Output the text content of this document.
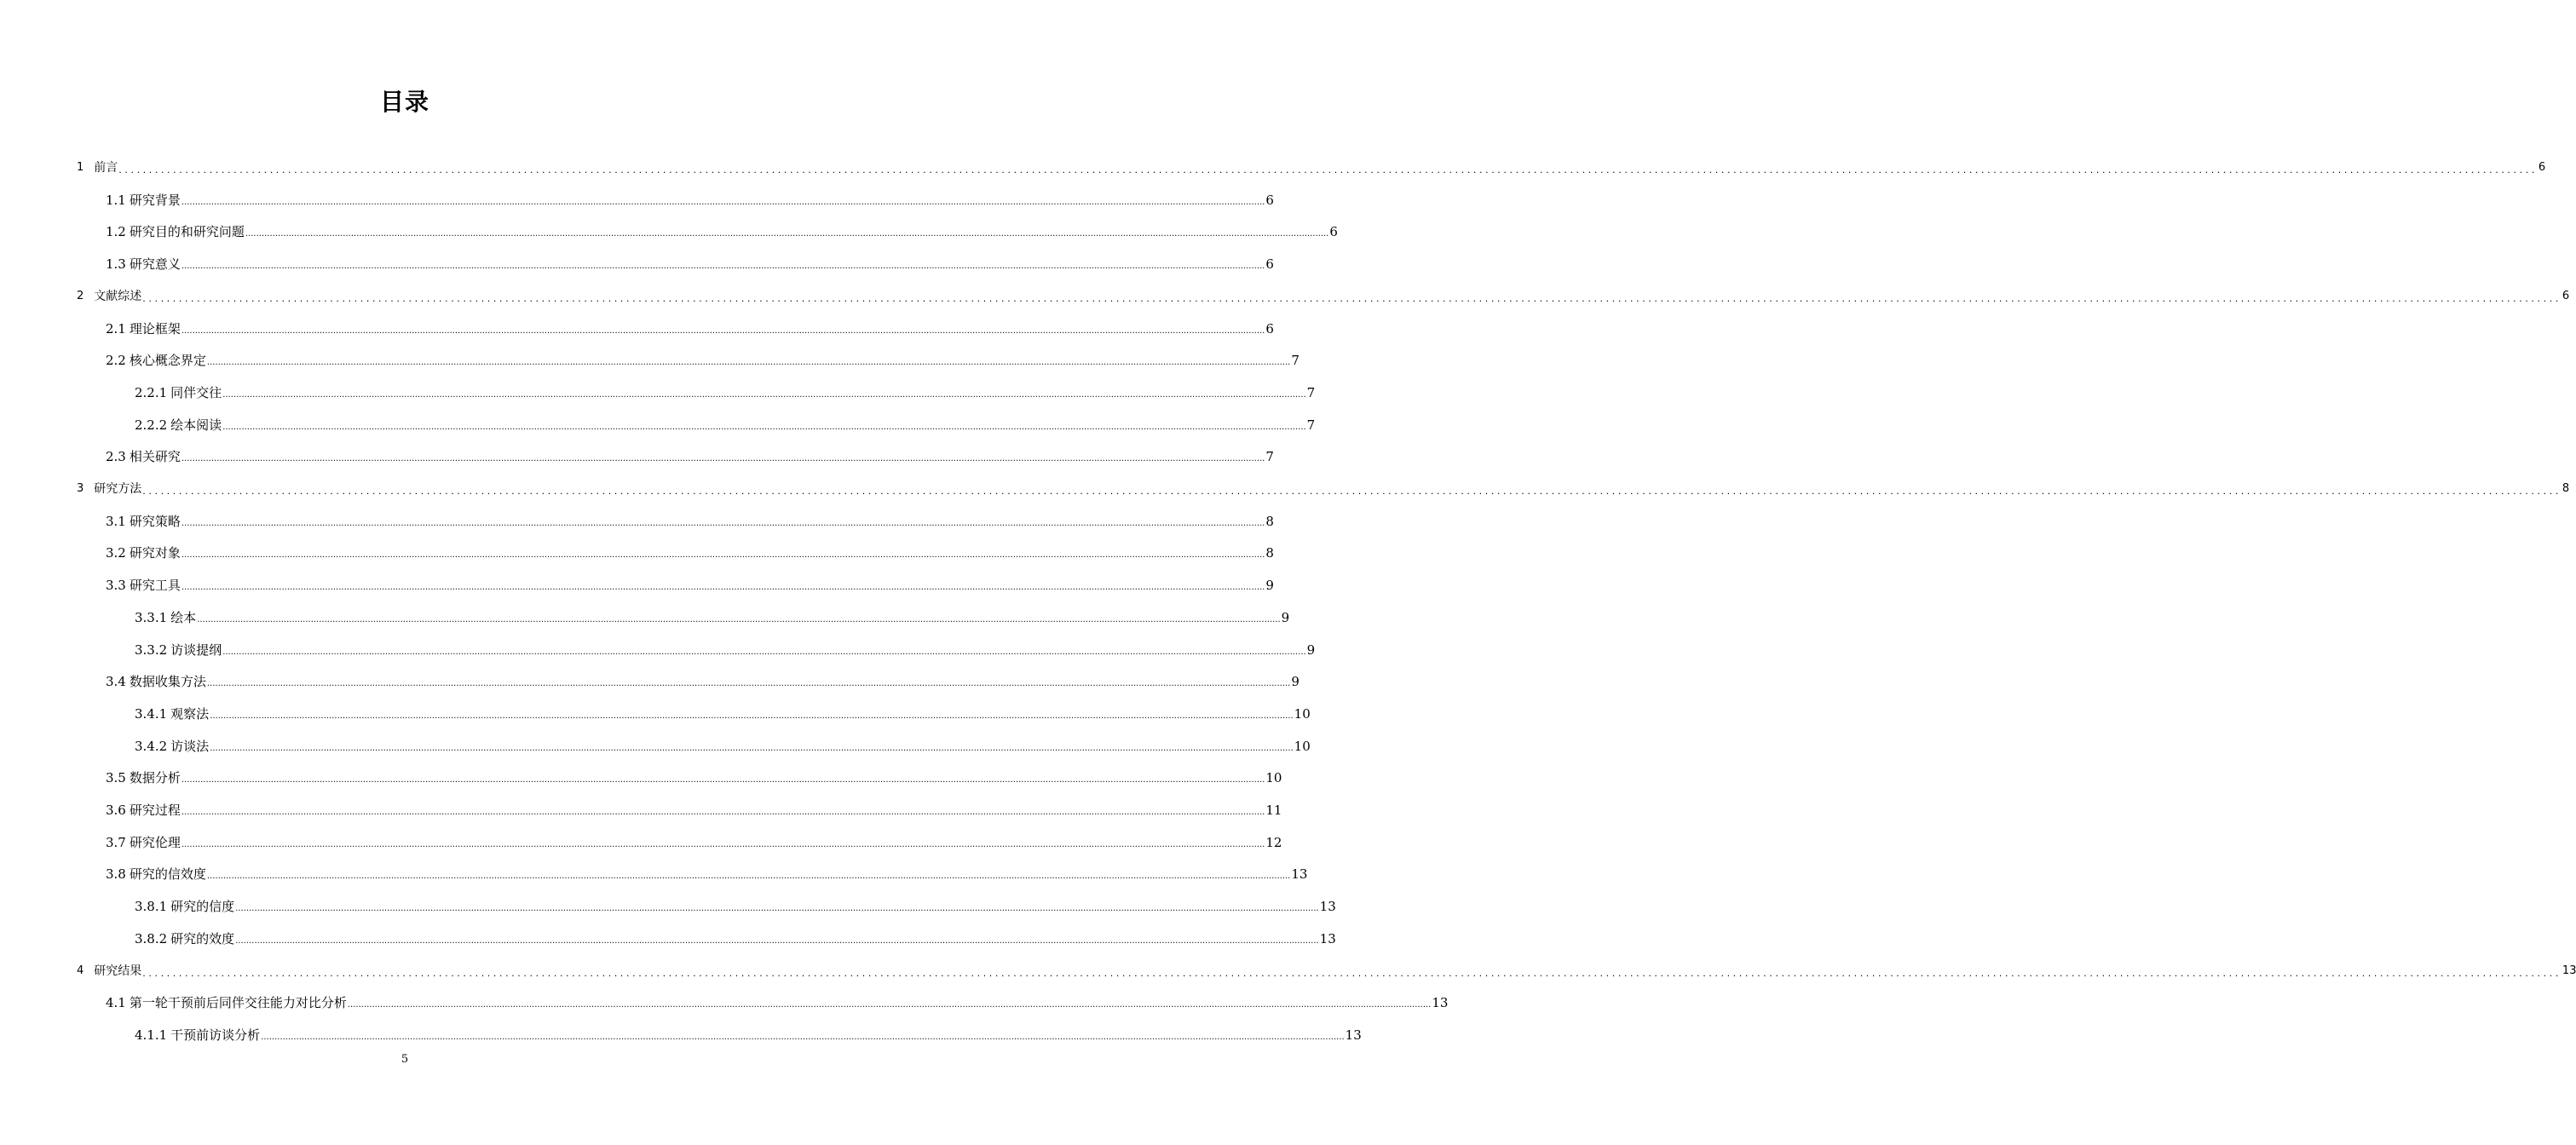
目录
1 前言 ................................................................................................................................................................................................................................................................................................................................................................................................................ 6
1.1 研究背景 ................................................................................................................................................................................................................................................................................................................................................................................................................ 6
1.2 研究目的和研究问题 ................................................................................................................................................................................................................................................................................................................................................................................................................ 6
1.3 研究意义 ................................................................................................................................................................................................................................................................................................................................................................................................................ 6
2 文献综述 ................................................................................................................................................................................................................................................................................................................................................................................................................ 6
2.1 理论框架 ................................................................................................................................................................................................................................................................................................................................................................................................................ 6
2.2 核心概念界定 ................................................................................................................................................................................................................................................................................................................................................................................................................ 7
2.2.1 同伴交往 ................................................................................................................................................................................................................................................................................................................................................................................................................ 7
2.2.2 绘本阅读 ................................................................................................................................................................................................................................................................................................................................................................................................................ 7
2.3 相关研究 ................................................................................................................................................................................................................................................................................................................................................................................................................ 7
3 研究方法 ................................................................................................................................................................................................................................................................................................................................................................................................................ 8
3.1 研究策略 ................................................................................................................................................................................................................................................................................................................................................................................................................ 8
3.2 研究对象 ................................................................................................................................................................................................................................................................................................................................................................................................................ 8
3.3 研究工具 ................................................................................................................................................................................................................................................................................................................................................................................................................ 9
3.3.1 绘本 ................................................................................................................................................................................................................................................................................................................................................................................................................ 9
3.3.2 访谈提纲 ................................................................................................................................................................................................................................................................................................................................................................................................................ 9
3.4 数据收集方法 ................................................................................................................................................................................................................................................................................................................................................................................................................ 9
3.4.1 观察法 ................................................................................................................................................................................................................................................................................................................................................................................................................ 10
3.4.2 访谈法 ................................................................................................................................................................................................................................................................................................................................................................................................................ 10
3.5 数据分析 ................................................................................................................................................................................................................................................................................................................................................................................................................ 10
3.6 研究过程 ................................................................................................................................................................................................................................................................................................................................................................................................................ 11
3.7 研究伦理 ................................................................................................................................................................................................................................................................................................................................................................................................................ 12
3.8 研究的信效度 ................................................................................................................................................................................................................................................................................................................................................................................................................ 13
3.8.1 研究的信度 ................................................................................................................................................................................................................................................................................................................................................................................................................ 13
3.8.2 研究的效度 ................................................................................................................................................................................................................................................................................................................................................................................................................ 13
4 研究结果 ................................................................................................................................................................................................................................................................................................................................................................................................................ 13
4.1 第一轮干预前后同伴交往能力对比分析 ................................................................................................................................................................................................................................................................................................................................................................................................................ 13
4.1.1 干预前访谈分析 ................................................................................................................................................................................................................................................................................................................................................................................................................ 13
5
